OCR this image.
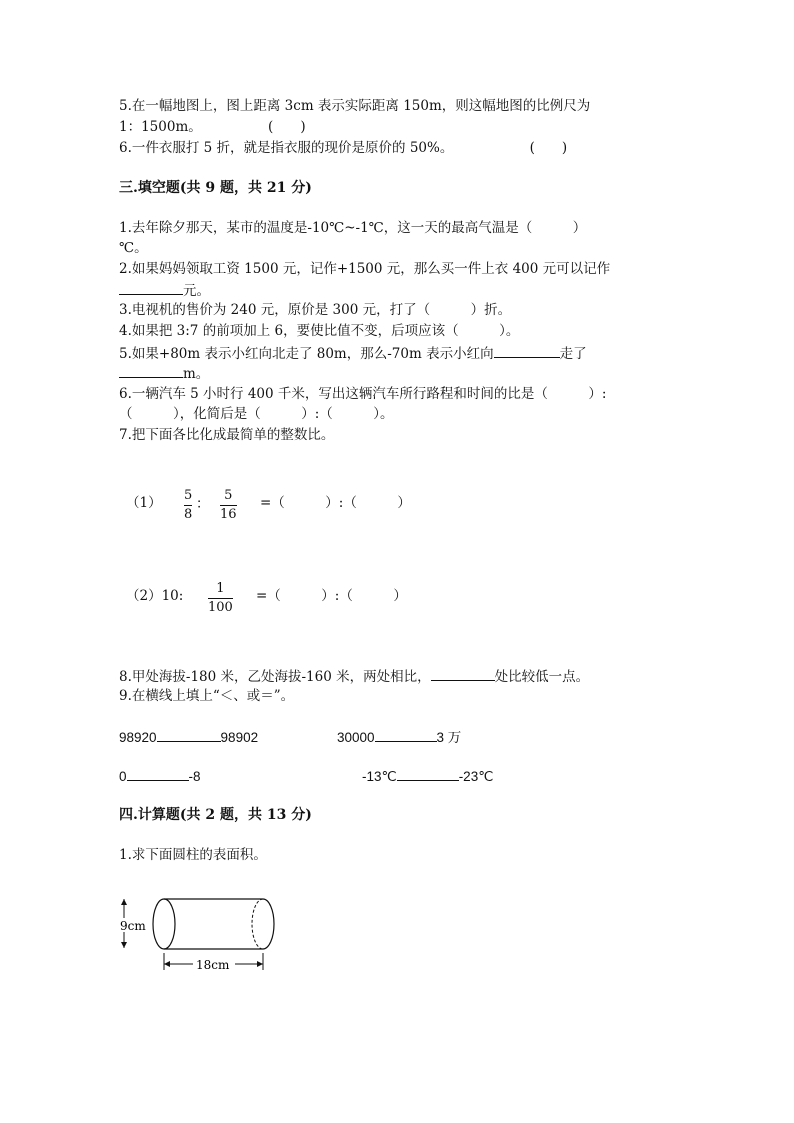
5.在一幅地图上，图上距离 3cm 表示实际距离 150m，则这幅地图的比例尺为
1：1500m。	(　　)
6.一件衣服打 5 折，就是指衣服的现价是原价的 50%。	(　　)
三.填空题(共 9 题，共 21 分)
1.去年除夕那天，某市的温度是-10℃~-1℃，这一天的最高气温是（　　　）
℃。
2.如果妈妈领取工资 1500 元，记作+1500 元，那么买一件上衣 400 元可以记作
元。
3.电视机的售价为 240 元，原价是 300 元，打了（　　　）折。
4.如果把 3:7 的前项加上 6，要使比值不变，后项应该（　　　）。
5.如果+80m 表示小红向北走了 80m，那么-70m 表示小红向	走了
m。
6.一辆汽车 5 小时行 400 千米，写出这辆汽车所行路程和时间的比是（　　　）:
（　　　），化简后是（　　　）:（　　　）。
7.把下面各比化成最简单的整数比。
（1） 5
8
：
5
16
=（　　　）:（　　　）
（2）10:	1
100
=（　　　）:（　　　）
8.甲处海拔-180 米，乙处海拔-160 米，两处相比，	处比较低一点。
9.在横线上填上“＜、或＝”。
98920	98902	30000	3 万
0	-8	-13℃	-23℃
四.计算题(共 2 题，共 13 分)
1.求下面圆柱的表面积。
9cm
18cm
